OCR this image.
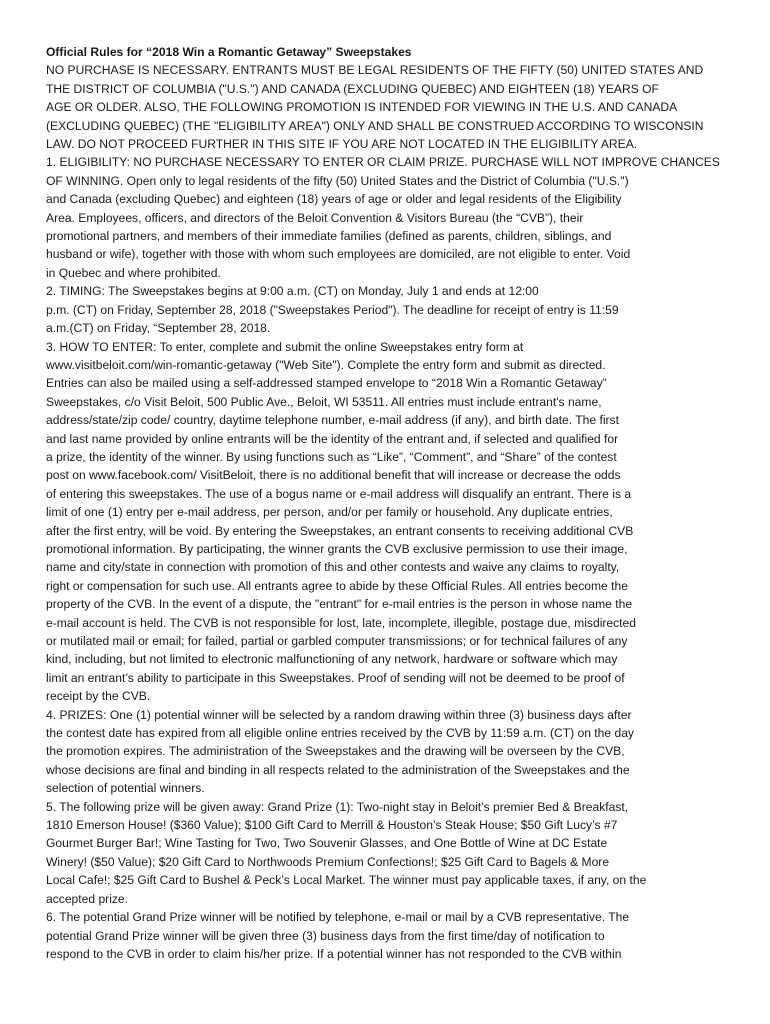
Official Rules for “2018 Win a Romantic Getaway” Sweepstakes

NO PURCHASE IS NECESSARY. ENTRANTS MUST BE LEGAL RESIDENTS OF THE FIFTY (50) UNITED STATES AND
THE DISTRICT OF COLUMBIA ("U.S.") AND CANADA (EXCLUDING QUEBEC) AND EIGHTEEN (18) YEARS OF
AGE OR OLDER. ALSO, THE FOLLOWING PROMOTION IS INTENDED FOR VIEWING IN THE U.S. AND CANADA
(EXCLUDING QUEBEC) (THE "ELIGIBILITY AREA") ONLY AND SHALL BE CONSTRUED ACCORDING TO WISCONSIN
LAW. DO NOT PROCEED FURTHER IN THIS SITE IF YOU ARE NOT LOCATED IN THE ELIGIBILITY AREA.

1. ELIGIBILITY: NO PURCHASE NECESSARY TO ENTER OR CLAIM PRIZE. PURCHASE WILL NOT IMPROVE CHANCES
OF WINNING. Open only to legal residents of the fifty (50) United States and the District of Columbia ("U.S.")
and Canada (excluding Quebec) and eighteen (18) years of age or older and legal residents of the Eligibility
Area. Employees, officers, and directors of the Beloit Convention & Visitors Bureau (the “CVB”), their
promotional partners, and members of their immediate families (defined as parents, children, siblings, and
husband or wife), together with those with whom such employees are domiciled, are not eligible to enter. Void
in Quebec and where prohibited.

2. TIMING: The Sweepstakes begins at 9:00 a.m. (CT) on Monday, July 1 and ends at 12:00
p.m. (CT) on Friday, September 28, 2018 ("Sweepstakes Period"). The deadline for receipt of entry is 11:59
a.m.(CT) on Friday, “September 28, 2018.

3. HOW TO ENTER: To enter, complete and submit the online Sweepstakes entry form at
www.visitbeloit.com/win-romantic-getaway ("Web Site"). Complete the entry form and submit as directed.
Entries can also be mailed using a self-addressed stamped envelope to “2018 Win a Romantic Getaway”
Sweepstakes, c/o Visit Beloit, 500 Public Ave., Beloit, WI 53511. All entries must include entrant's name,
address/state/zip code/ country, daytime telephone number, e-mail address (if any), and birth date. The first
and last name provided by online entrants will be the identity of the entrant and, if selected and qualified for
a prize, the identity of the winner. By using functions such as “Like”, “Comment”, and “Share” of the contest
post on www.facebook.com/ VisitBeloit, there is no additional benefit that will increase or decrease the odds
of entering this sweepstakes. The use of a bogus name or e-mail address will disqualify an entrant. There is a
limit of one (1) entry per e-mail address, per person, and/or per family or household. Any duplicate entries,
after the first entry, will be void. By entering the Sweepstakes, an entrant consents to receiving additional CVB
promotional information. By participating, the winner grants the CVB exclusive permission to use their image,
name and city/state in connection with promotion of this and other contests and waive any claims to royalty,
right or compensation for such use. All entrants agree to abide by these Official Rules. All entries become the
property of the CVB. In the event of a dispute, the "entrant" for e-mail entries is the person in whose name the
e-mail account is held. The CVB is not responsible for lost, late, incomplete, illegible, postage due, misdirected
or mutilated mail or email; for failed, partial or garbled computer transmissions; or for technical failures of any
kind, including, but not limited to electronic malfunctioning of any network, hardware or software which may
limit an entrant’s ability to participate in this Sweepstakes. Proof of sending will not be deemed to be proof of
receipt by the CVB.

4. PRIZES: One (1) potential winner will be selected by a random drawing within three (3) business days after
the contest date has expired from all eligible online entries received by the CVB by 11:59 a.m. (CT) on the day
the promotion expires. The administration of the Sweepstakes and the drawing will be overseen by the CVB,
whose decisions are final and binding in all respects related to the administration of the Sweepstakes and the
selection of potential winners.

5. The following prize will be given away: Grand Prize (1): Two-night stay in Beloit’s premier Bed & Breakfast,
1810 Emerson House! ($360 Value); $100 Gift Card to Merrill & Houston’s Steak House; $50 Gift Lucy’s #7
Gourmet Burger Bar!; Wine Tasting for Two, Two Souvenir Glasses, and One Bottle of Wine at DC Estate
Winery! ($50 Value); $20 Gift Card to Northwoods Premium Confections!; $25 Gift Card to Bagels & More
Local Cafe!; $25 Gift Card to Bushel & Peck’s Local Market. The winner must pay applicable taxes, if any, on the
accepted prize.

6. The potential Grand Prize winner will be notified by telephone, e-mail or mail by a CVB representative. The
potential Grand Prize winner will be given three (3) business days from the first time/day of notification to
respond to the CVB in order to claim his/her prize. If a potential winner has not responded to the CVB within
